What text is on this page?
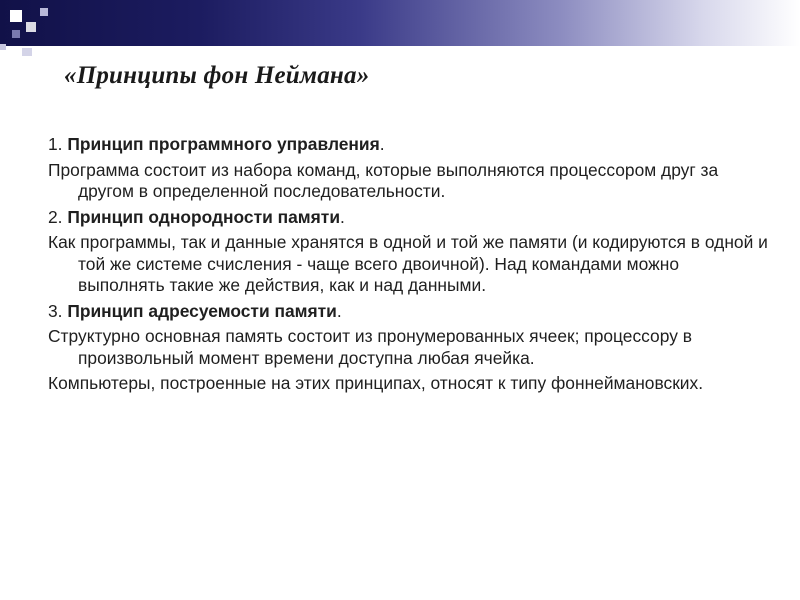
«Принципы фон Неймана»

1. Принцип программного управления.

Программа состоит из набора команд, которые выполняются процессором друг за другом в определенной последовательности.

2. Принцип однородности памяти.

Как программы, так и данные хранятся в одной и той же памяти (и кодируются в одной и той же системе счисления - чаще всего двоичной). Над командами можно выполнять такие же действия, как и над данными.

3. Принцип адресуемости памяти.

Структурно основная память состоит из пронумерованных ячеек; процессору в произвольный момент времени доступна любая ячейка.

Компьютеры, построенные на этих принципах, относят к типу фоннеймановских.
